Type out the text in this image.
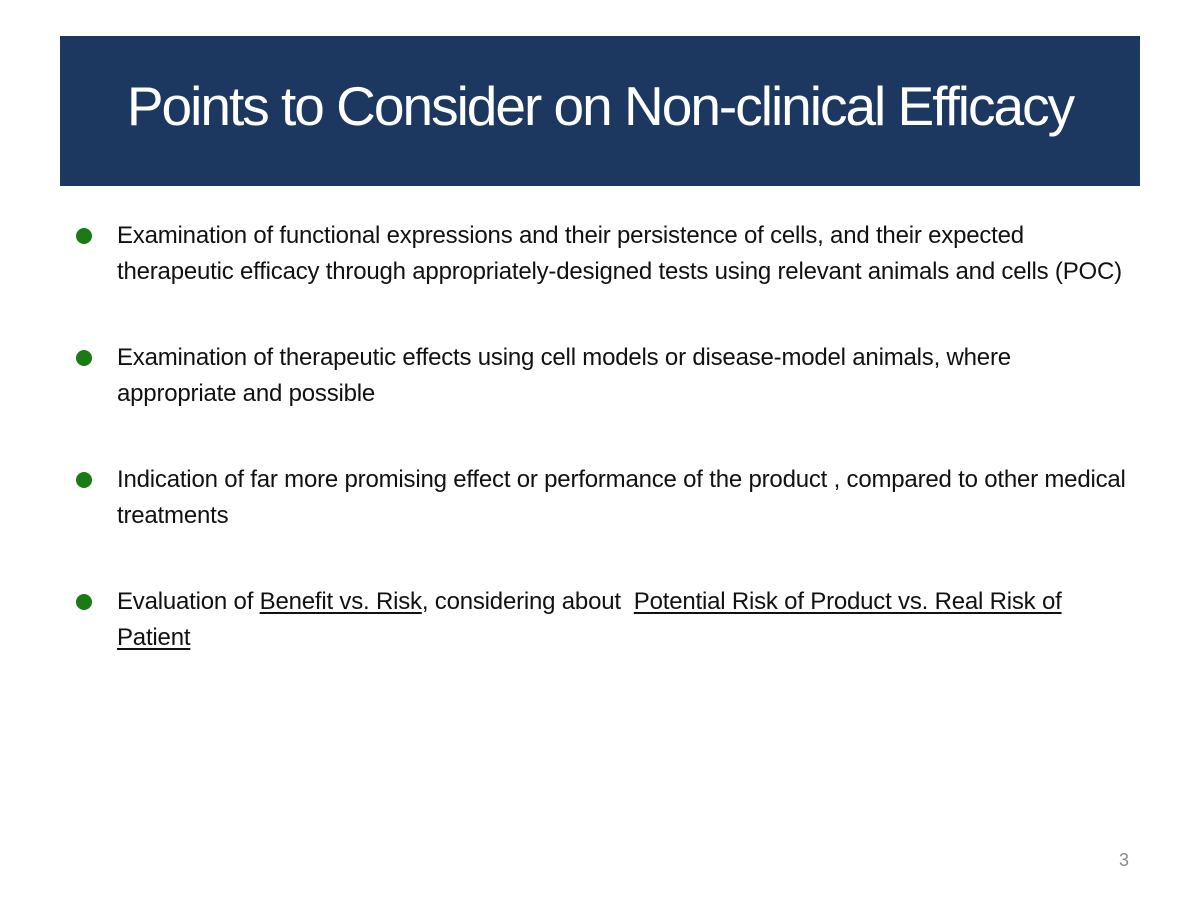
Points to Consider on Non-clinical Efficacy
Examination of functional expressions and their persistence of cells, and their expected therapeutic efficacy through appropriately-designed tests using relevant animals and cells (POC)
Examination of therapeutic effects using cell models or disease-model animals, where appropriate and possible
Indication of far more promising effect or performance of the product , compared to other medical treatments
Evaluation of Benefit vs. Risk, considering about  Potential Risk of Product vs. Real Risk of Patient
3
